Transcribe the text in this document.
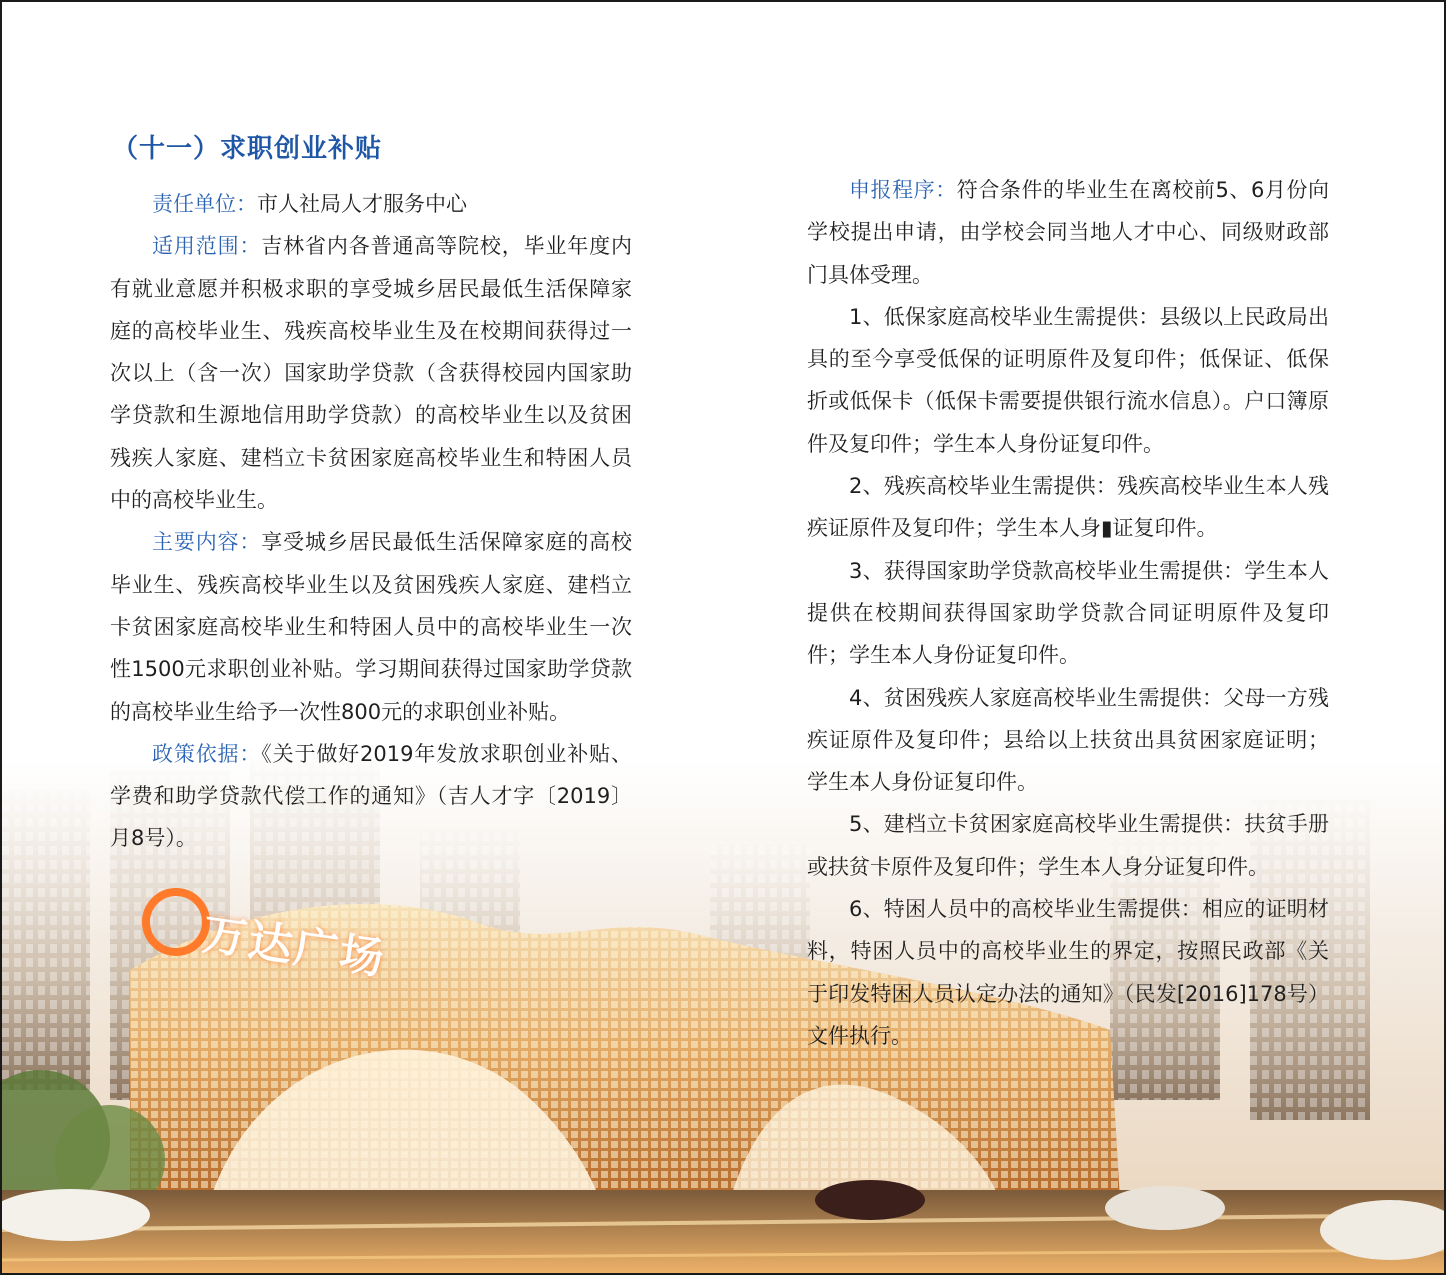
万达广场
（十一）求职创业补贴

责任单位：市人社局人才服务中心

适用范围：吉林省内各普通高等院校，毕业年度内有就业意愿并积极求职的享受城乡居民最低生活保障家庭的高校毕业生、残疾高校毕业生及在校期间获得过一次以上（含一次）国家助学贷款（含获得校园内国家助学贷款和生源地信用助学贷款）的高校毕业生以及贫困残疾人家庭、建档立卡贫困家庭高校毕业生和特困人员中的高校毕业生。

主要内容：享受城乡居民最低生活保障家庭的高校毕业生、残疾高校毕业生以及贫困残疾人家庭、建档立卡贫困家庭高校毕业生和特困人员中的高校毕业生一次性1500元求职创业补贴。学习期间获得过国家助学贷款的高校毕业生给予一次性800元的求职创业补贴。

政策依据：《关于做好2019年发放求职创业补贴、学费和助学贷款代偿工作的通知》（吉人才字〔2019〕月8号）。

申报程序：符合条件的毕业生在离校前5、6月份向学校提出申请，由学校会同当地人才中心、同级财政部门具体受理。

1、低保家庭高校毕业生需提供：县级以上民政局出具的至今享受低保的证明原件及复印件；低保证、低保折或低保卡（低保卡需要提供银行流水信息）。户口簿原件及复印件；学生本人身份证复印件。

2、残疾高校毕业生需提供：残疾高校毕业生本人残疾证原件及复印件；学生本人身▮证复印件。

3、获得国家助学贷款高校毕业生需提供：学生本人提供在校期间获得国家助学贷款合同证明原件及复印件；学生本人身份证复印件。

4、贫困残疾人家庭高校毕业生需提供：父母一方残疾证原件及复印件；县给以上扶贫出具贫困家庭证明；学生本人身份证复印件。

5、建档立卡贫困家庭高校毕业生需提供：扶贫手册或扶贫卡原件及复印件；学生本人身分证复印件。

6、特困人员中的高校毕业生需提供：相应的证明材料，特困人员中的高校毕业生的界定，按照民政部《关于印发特困人员认定办法的通知》（民发[2016]178号）文件执行。
